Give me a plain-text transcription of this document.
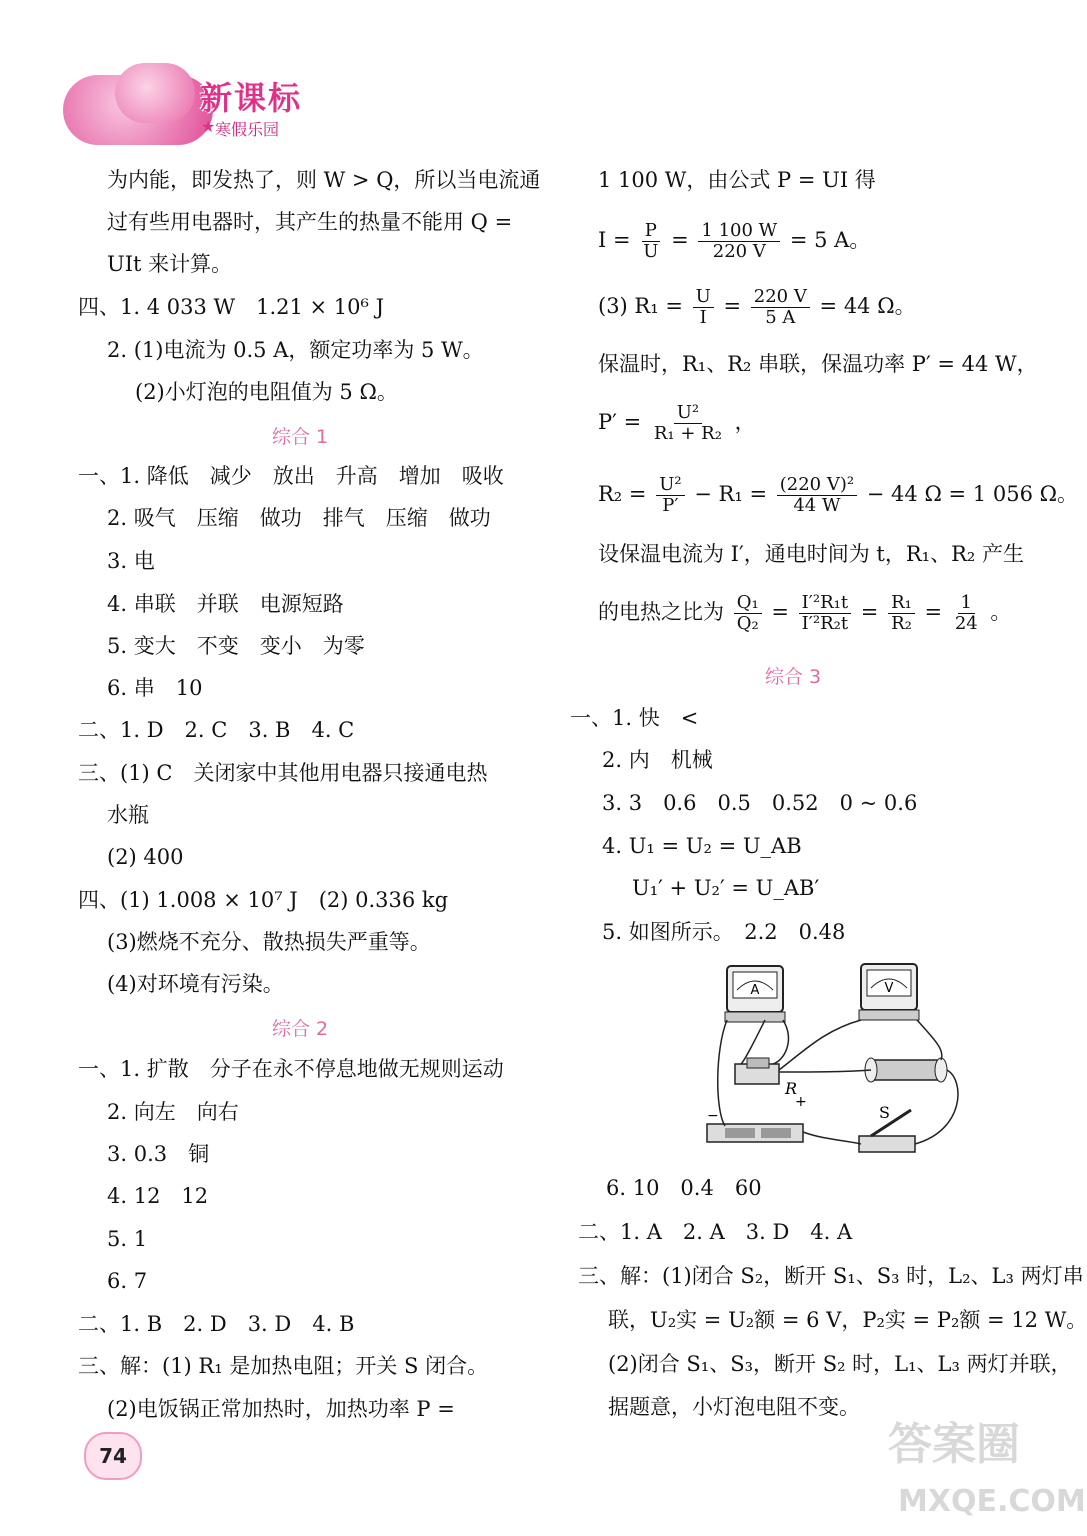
新课标
★ 寒假乐园
为内能，即发热了，则 W > Q，所以当电流通
过有些用电器时，其产生的热量不能用 Q =
UIt 来计算。
四、1. 4 033 W　1.21 × 10⁶ J
2. (1)电流为 0.5 A，额定功率为 5 W。
(2)小灯泡的电阻值为 5 Ω。
综合 1
一、1. 降低　减少　放出　升高　增加　吸收
2. 吸气　压缩　做功　排气　压缩　做功
3. 电
4. 串联　并联　电源短路
5. 变大　不变　变小　为零
6. 串　10
二、1. D　2. C　3. B　4. C
三、(1) C　关闭家中其他用电器只接通电热
水瓶
(2) 400
四、(1) 1.008 × 10⁷ J　(2) 0.336 kg
(3)燃烧不充分、散热损失严重等。
(4)对环境有污染。
综合 2
一、1. 扩散　分子在永不停息地做无规则运动
2. 向左　向右
3. 0.3　铜
4. 12　12
5. 1
6. 7
二、1. B　2. D　3. D　4. B
三、解：(1) R₁ 是加热电阻；开关 S 闭合。
(2)电饭锅正常加热时，加热功率 P =
1 100 W，由公式 P = UI 得
$I = \frac{P}{U} = \frac{1 100 W}{220 V} = 5$ A。
(3) $R_1 = \frac{U}{I} = \frac{220 V}{5 A} = 44$ Ω。
保温时，R₁、R₂ 串联，保温功率 P′ = 44 W，
$P' = \frac{\text{U²}}{\text{R₁ + R₂}}$ ，
$R_2 = \frac{\text{U²}}{P'} - R_1 = \frac{\text{(220 V)²}}{44 W} - 44$ Ω = 1 056 Ω。
设保温电流为 I′，通电时间为 t，R₁、R₂ 产生
的电热之比为 $\frac{\text{Q₁}}{\text{Q₂}} = \frac{\text{I′²R₁t}}{\text{I′²R₂t}} = \frac{\text{R₁}}{\text{R₂}} = \frac{1}{24}$ 。
综合 3
一、1. 快　<
2. 内　机械
3. 3　0.6　0.5　0.52　0 ~ 0.6
4. U₁ = U₂ = U_AB
U₁′ + U₂′ = U_AB′
5. 如图所示。　2.2　0.48
A	V
R
−
+
S
6. 10　0.4　60
二、1. A　2. A　3. D　4. A
三、解：(1)闭合 S₂，断开 S₁、S₃ 时，L₂、L₃ 两灯串
联，U₂实 = U₂额 = 6 V，P₂实 = P₂额 = 12 W。
(2)闭合 S₁、S₃，断开 S₂ 时，L₁、L₃ 两灯并联，
据题意，小灯泡电阻不变。
74	答案圈
MXQE.COM
